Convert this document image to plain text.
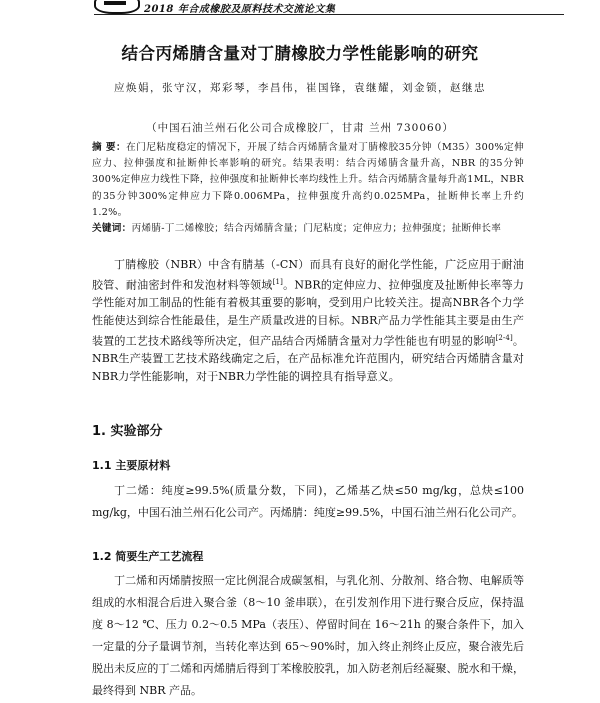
2018 年合成橡胶及原料技术交流论文集
结合丙烯腈含量对丁腈橡胶力学性能影响的研究
应焕娟，张守汉，郑彩琴，李昌伟，崔国锋，袁继耀，刘金锁，赵继忠
（中国石油兰州石化公司合成橡胶厂，甘肃 兰州 730060）
摘 要：在门尼粘度稳定的情况下，开展了结合丙烯腈含量对丁腈橡胶35分钟（M35）300%定伸应力、拉伸强度和扯断伸长率影响的研究。结果表明：结合丙烯腈含量升高，NBR 的35分钟300%定伸应力线性下降，拉伸强度和扯断伸长率均线性上升。结合丙烯腈含量每升高1ML，NBR 的35分钟300%定伸应力下降0.006MPa，拉伸强度升高约0.025MPa，扯断伸长率上升约1.2%。
关键词：丙烯腈-丁二烯橡胶；结合丙烯腈含量；门尼粘度；定伸应力；拉伸强度；扯断伸长率
丁腈橡胶（NBR）中含有腈基（-CN）而具有良好的耐化学性能，广泛应用于耐油胶管、耐油密封件和发泡材料等领域[1]。NBR的定伸应力、拉伸强度及扯断伸长率等力学性能对加工制品的性能有着极其重要的影响，受到用户比较关注。提高NBR各个力学性能使达到综合性能最佳，是生产质量改进的目标。NBR产品力学性能其主要是由生产装置的工艺技术路线等所决定，但产品结合丙烯腈含量对力学性能也有明显的影响[2-4]。NBR生产装置工艺技术路线确定之后，在产品标准允许范围内，研究结合丙烯腈含量对NBR力学性能影响，对于NBR力学性能的调控具有指导意义。
1. 实验部分
1.1 主要原材料
丁二烯：纯度≥99.5%(质量分数，下同)，乙烯基乙炔≤50 mg/kg，总炔≤100 mg/kg，中国石油兰州石化公司产。丙烯腈：纯度≥99.5%，中国石油兰州石化公司产。
1.2 简要生产工艺流程
丁二烯和丙烯腈按照一定比例混合成碳氢相，与乳化剂、分散剂、络合物、电解质等组成的水相混合后进入聚合釜（8～10 釜串联），在引发剂作用下进行聚合反应，保持温度 8～12 ℃、压力 0.2～0.5 MPa（表压）、停留时间在 16～21h 的聚合条件下，加入一定量的分子量调节剂，当转化率达到 65～90%时，加入终止剂终止反应，聚合液先后脱出未反应的丁二烯和丙烯腈后得到丁苯橡胶胶乳，加入防老剂后经凝聚、脱水和干燥，最终得到 NBR 产品。
